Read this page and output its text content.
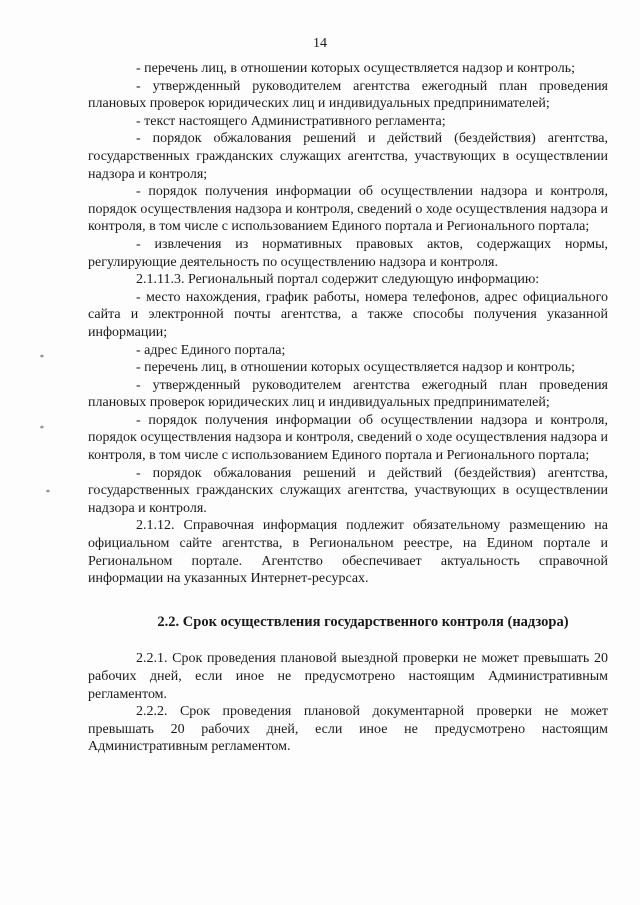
14
*
*
*

- перечень лиц, в отношении которых осуществляется надзор и контроль;

- утвержденный руководителем агентства ежегодный план проведения плановых проверок юридических лиц и индивидуальных предпринимателей;

- текст настоящего Административного регламента;

- порядок обжалования решений и действий (бездействия) агентства, государственных гражданских служащих агентства, участвующих в осуществлении надзора и контроля;

- порядок получения информации об осуществлении надзора и контроля, порядок осуществления надзора и контроля, сведений о ходе осуществления надзора и контроля, в том числе с использованием Единого портала и Регионального портала;

- извлечения из нормативных правовых актов, содержащих нормы, регулирующие деятельность по осуществлению надзора и контроля.

2.1.11.3. Региональный портал содержит следующую информацию:

- место нахождения, график работы, номера телефонов, адрес официального сайта и электронной почты агентства, а также способы получения указанной информации;

- адрес Единого портала;

- перечень лиц, в отношении которых осуществляется надзор и контроль;

- утвержденный руководителем агентства ежегодный план проведения плановых проверок юридических лиц и индивидуальных предпринимателей;

- порядок получения информации об осуществлении надзора и контроля, порядок осуществления надзора и контроля, сведений о ходе осуществления надзора и контроля, в том числе с использованием Единого портала и Регионального портала;

- порядок обжалования решений и действий (бездействия) агентства, государственных гражданских служащих агентства, участвующих в осуществлении надзора и контроля.

2.1.12. Справочная информация подлежит обязательному размещению на официальном сайте агентства, в Региональном реестре, на Едином портале и Региональном портале. Агентство обеспечивает актуальность справочной информации на указанных Интернет-ресурсах.

2.2. Срок осуществления государственного контроля (надзора)

2.2.1. Срок проведения плановой выездной проверки не может превышать 20 рабочих дней, если иное не предусмотрено настоящим Административным регламентом.

2.2.2. Срок проведения плановой документарной проверки не может превышать 20 рабочих дней, если иное не предусмотрено настоящим Административным регламентом.
